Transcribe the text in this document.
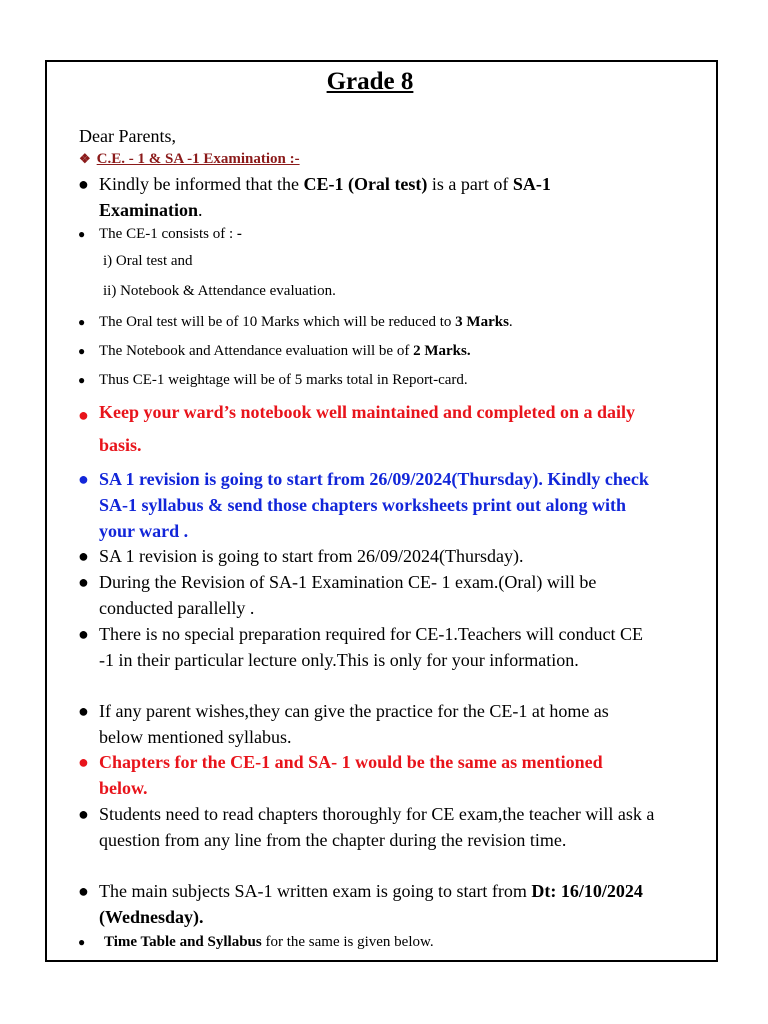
Grade 8
Dear Parents,
❖ C.E. - 1 & SA -1 Examination :-
● Kindly be informed that the CE-1 (Oral test) is a part of SA-1
Examination.
● The CE-1 consists of : -
i) Oral test and
ii) Notebook & Attendance evaluation.
● The Oral test will be of 10 Marks which will be reduced to 3 Marks.
● The Notebook and Attendance evaluation will be of 2 Marks.
● Thus CE-1 weightage will be of 5 marks total in Report-card.
● Keep your ward’s notebook well maintained and completed on a daily basis.
● SA 1 revision is going to start from 26/09/2024(Thursday). Kindly check SA-1 syllabus & send those chapters worksheets print out along with your ward .
● SA 1 revision is going to start from 26/09/2024(Thursday).
● During the Revision of SA-1 Examination CE- 1 exam.(Oral) will be conducted parallelly .
● There is no special preparation required for CE-1.Teachers will conduct CE -1 in their particular lecture only.This is only for your information.
● If any parent wishes,they can give the practice for the CE-1 at home as below mentioned syllabus.
● Chapters for the CE-1 and SA- 1 would be the same as mentioned below.
● Students need to read chapters thoroughly for CE exam,the teacher will ask a question from any line from the chapter during the revision time.
● The main subjects SA-1 written exam is going to start from Dt: 16/10/2024 (Wednesday).
● Time Table and Syllabus for the same is given below.
